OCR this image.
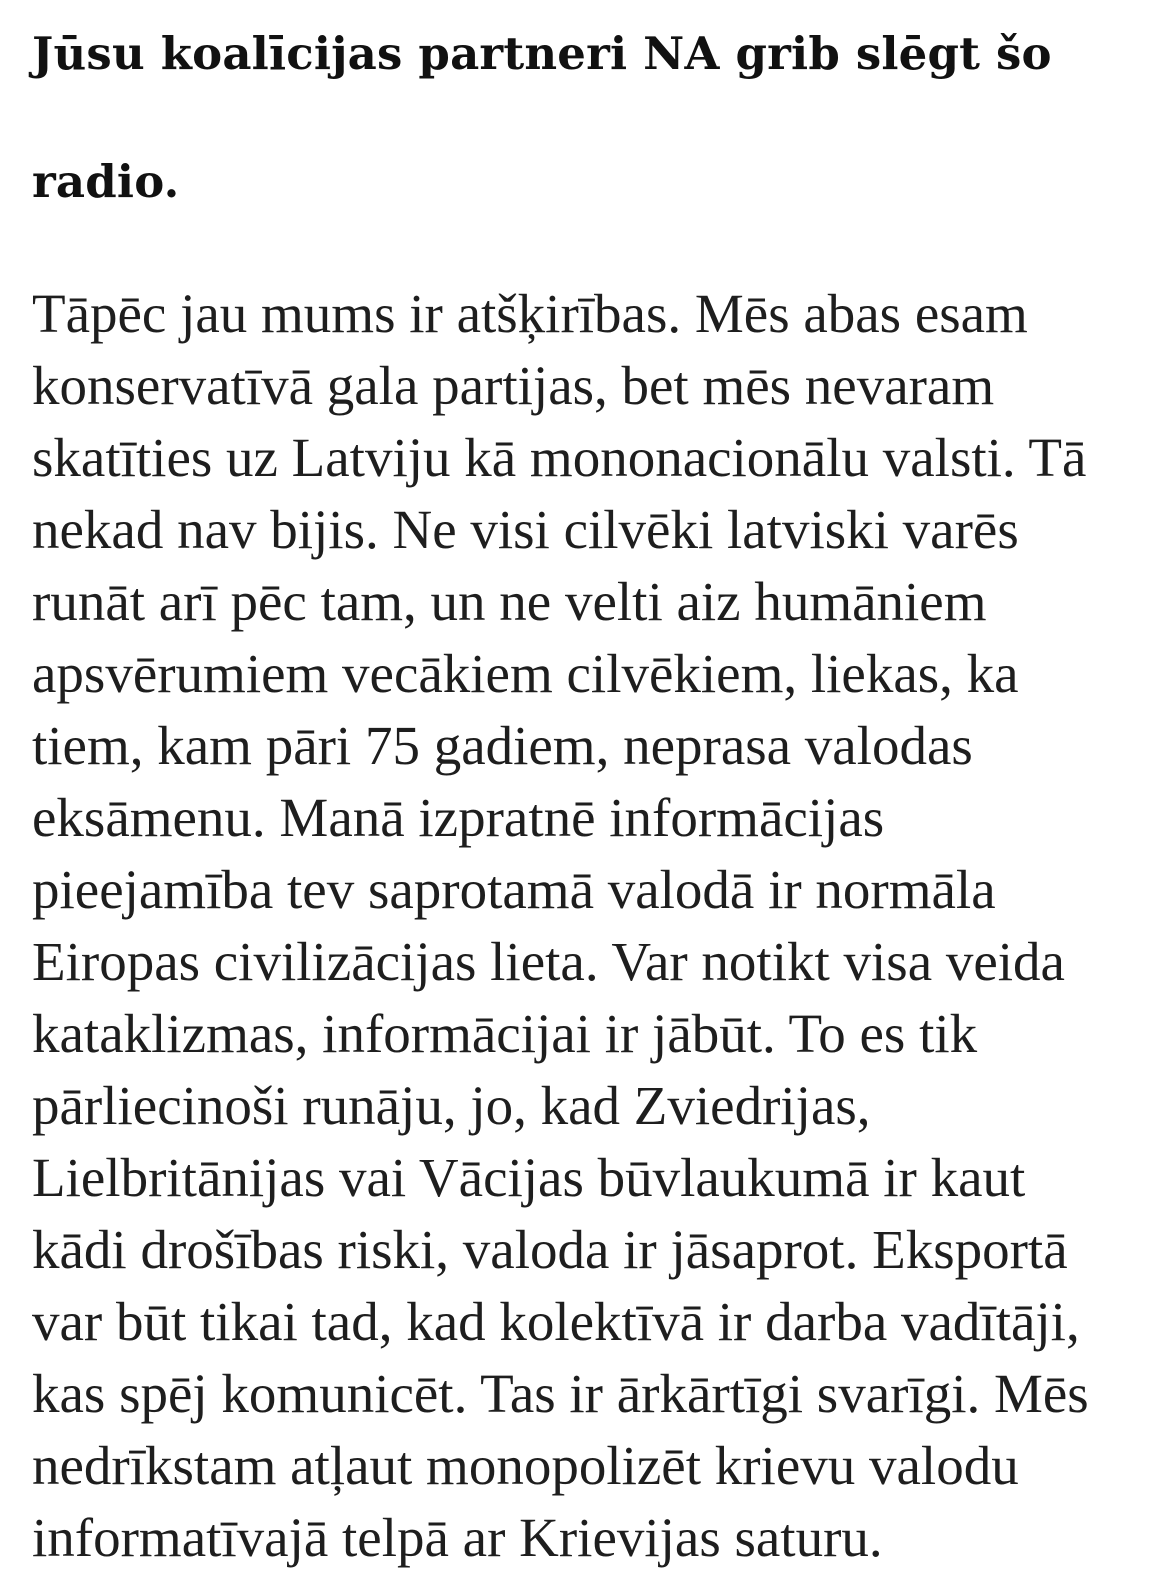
Jūsu koalīcijas partneri NA grib slēgt šo

radio.

Tāpēc jau mums ir atšķirības. Mēs abas esam
konservatīvā gala partijas, bet mēs nevaram
skatīties uz Latviju kā mononacionālu valsti. Tā
nekad nav bijis. Ne visi cilvēki latviski varēs
runāt arī pēc tam, un ne velti aiz humāniem
apsvērumiem vecākiem cilvēkiem, liekas, ka
tiem, kam pāri 75 gadiem, neprasa valodas
eksāmenu. Manā izpratnē informācijas
pieejamība tev saprotamā valodā ir normāla
Eiropas civilizācijas lieta. Var notikt visa veida
kataklizmas, informācijai ir jābūt. To es tik
pārliecinoši runāju, jo, kad Zviedrijas,
Lielbritānijas vai Vācijas būvlaukumā ir kaut
kādi drošības riski, valoda ir jāsaprot. Eksportā
var būt tikai tad, kad kolektīvā ir darba vadītāji,
kas spēj komunicēt. Tas ir ārkārtīgi svarīgi. Mēs
nedrīkstam atļaut monopolizēt krievu valodu
informatīvajā telpā ar Krievijas saturu.
